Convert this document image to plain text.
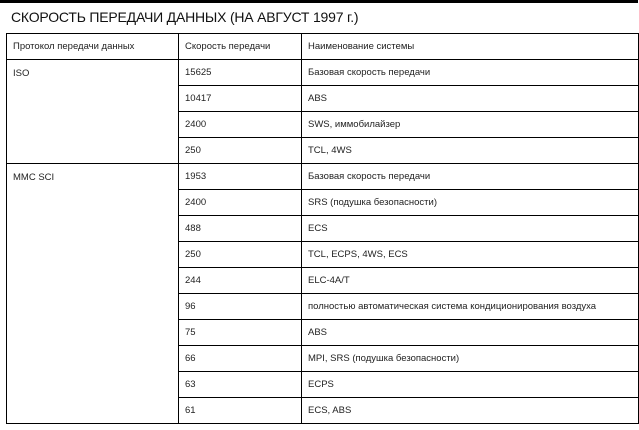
СКОРОСТЬ ПЕРЕДАЧИ ДАННЫХ (НА АВГУСТ 1997 г.)
Протокол передачи данных	Скорость передачи	Наименование системы
ISO	15625	Базовая скорость передачи
	10417	ABS
	2400	SWS, иммобилайзер
	250	TCL, 4WS
MMC SCI	1953	Базовая скорость передачи
	2400	SRS (подушка безопасности)
	488	ECS
	250	TCL, ECPS, 4WS, ECS
	244	ELC-4A/T
	96	полностью автоматическая система кондиционирования воздуха
	75	ABS
	66	MPI, SRS (подушка безопасности)
	63	ECPS
	61	ECS, ABS
